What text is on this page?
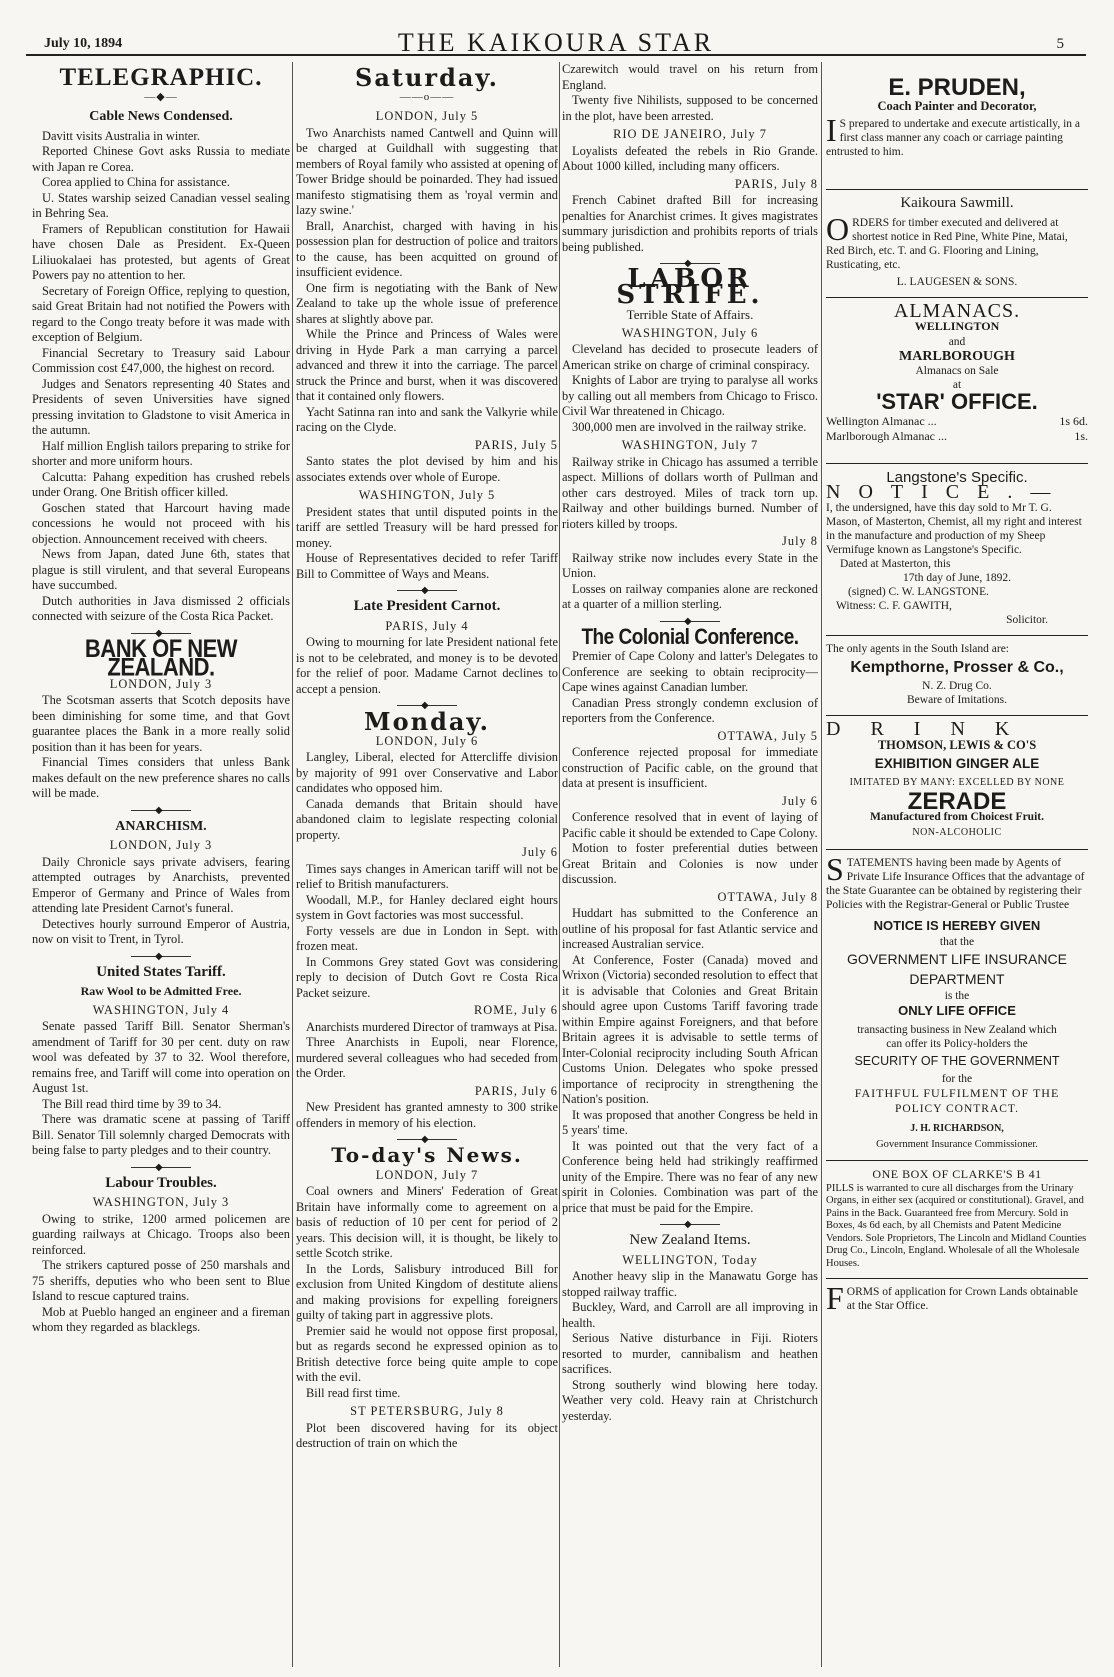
July 10, 1894	THE KAIKOURA STAR	5
TELEGRAPHIC.
—◆—
Cable News Condensed.

Davitt visits Australia in winter.

Reported Chinese Govt asks Russia to mediate with Japan re Corea.

Corea applied to China for assistance.

U. States warship seized Canadian vessel sealing in Behring Sea.

Framers of Republican constitution for Hawaii have chosen Dale as President. Ex-Queen Liliuokalaei has protested, but agents of Great Powers pay no attention to her.

Secretary of Foreign Office, replying to question, said Great Britain had not notified the Powers with regard to the Congo treaty before it was made with exception of Belgium.

Financial Secretary to Treasury said Labour Commission cost £47,000, the highest on record.

Judges and Senators representing 40 States and Presidents of seven Universities have signed pressing invitation to Gladstone to visit America in the autumn.

Half million English tailors preparing to strike for shorter and more uniform hours.

Calcutta: Pahang expedition has crushed rebels under Orang. One British officer killed.

Goschen stated that Harcourt having made concessions he would not proceed with his objection. Announcement received with cheers.

News from Japan, dated June 6th, states that plague is still virulent, and that several Europeans have succumbed.

Dutch authorities in Java dismissed 2 officials connected with seizure of the Costa Rica Packet.

◆
BANK OF NEW ZEALAND.
LONDON, July 3

The Scotsman asserts that Scotch deposits have been diminishing for some time, and that Govt guarantee places the Bank in a more really solid position than it has been for years.

Financial Times considers that unless Bank makes default on the new preference shares no calls will be made.

◆
ANARCHISM.
LONDON, July 3

Daily Chronicle says private advisers, fearing attempted outrages by Anarchists, prevented Emperor of Germany and Prince of Wales from attending late President Carnot's funeral.

Detectives hourly surround Emperor of Austria, now on visit to Trent, in Tyrol.

◆
United States Tariff.
Raw Wool to be Admitted Free.
WASHINGTON, July 4

Senate passed Tariff Bill. Senator Sherman's amendment of Tariff for 30 per cent. duty on raw wool was defeated by 37 to 32. Wool therefore, remains free, and Tariff will come into operation on August 1st.

The Bill read third time by 39 to 34.

There was dramatic scene at passing of Tariff Bill. Senator Till solemnly charged Democrats with being false to party pledges and to their country.

◆
Labour Troubles.
WASHINGTON, July 3

Owing to strike, 1200 armed policemen are guarding railways at Chicago. Troops also been reinforced.

The strikers captured posse of 250 marshals and 75 sheriffs, deputies who who been sent to Blue Island to rescue captured trains.

Mob at Pueblo hanged an engineer and a fireman whom they regarded as blacklegs.

Saturday.
——o——
LONDON, July 5

Two Anarchists named Cantwell and Quinn will be charged at Guildhall with suggesting that members of Royal family who assisted at opening of Tower Bridge should be poinarded. They had issued manifesto stigmatising them as 'royal vermin and lazy swine.'

Brall, Anarchist, charged with having in his possession plan for destruction of police and traitors to the cause, has been acquitted on ground of insufficient evidence.

One firm is negotiating with the Bank of New Zealand to take up the whole issue of preference shares at slightly above par.

While the Prince and Princess of Wales were driving in Hyde Park a man carrying a parcel advanced and threw it into the carriage. The parcel struck the Prince and burst, when it was discovered that it contained only flowers.

Yacht Satinna ran into and sank the Valkyrie while racing on the Clyde.

PARIS, July 5

Santo states the plot devised by him and his associates extends over whole of Europe.

WASHINGTON, July 5

President states that until disputed points in the tariff are settled Treasury will be hard pressed for money.

House of Representatives decided to refer Tariff Bill to Committee of Ways and Means.

◆
Late President Carnot.
PARIS, July 4

Owing to mourning for late President national fete is not to be celebrated, and money is to be devoted for the relief of poor. Madame Carnot declines to accept a pension.

◆
Monday.
LONDON, July 6

Langley, Liberal, elected for Attercliffe division by majority of 991 over Conservative and Labor candidates who opposed him.

Canada demands that Britain should have abandoned claim to legislate respecting colonial property.

July 6

Times says changes in American tariff will not be relief to British manufacturers.

Woodall, M.P., for Hanley declared eight hours system in Govt factories was most successful.

Forty vessels are due in London in Sept. with frozen meat.

In Commons Grey stated Govt was considering reply to decision of Dutch Govt re Costa Rica Packet seizure.

ROME, July 6

Anarchists murdered Director of tramways at Pisa.

Three Anarchists in Eupoli, near Florence, murdered several colleagues who had seceded from the Order.

PARIS, July 6

New President has granted amnesty to 300 strike offenders in memory of his election.

◆
To-day's News.
LONDON, July 7

Coal owners and Miners' Federation of Great Britain have informally come to agreement on a basis of reduction of 10 per cent for period of 2 years. This decision will, it is thought, be likely to settle Scotch strike.

In the Lords, Salisbury introduced Bill for exclusion from United Kingdom of destitute aliens and making provisions for expelling foreigners guilty of taking part in aggressive plots.

Premier said he would not oppose first proposal, but as regards second he expressed opinion as to British detective force being quite ample to cope with the evil.

Bill read first time.

ST PETERSBURG, July 8

Plot been discovered having for its object destruction of train on which the

Czarewitch would travel on his return from England.

Twenty five Nihilists, supposed to be concerned in the plot, have been arrested.

RIO DE JANEIRO, July 7

Loyalists defeated the rebels in Rio Grande. About 1000 killed, including many officers.

PARIS, July 8

French Cabinet drafted Bill for increasing penalties for Anarchist crimes. It gives magistrates summary jurisdiction and prohibits reports of trials being published.

◆
LABOR STRIFE.
Terrible State of Affairs.
WASHINGTON, July 6

Cleveland has decided to prosecute leaders of American strike on charge of criminal conspiracy.

Knights of Labor are trying to paralyse all works by calling out all members from Chicago to Frisco. Civil War threatened in Chicago.

300,000 men are involved in the railway strike.

WASHINGTON, July 7

Railway strike in Chicago has assumed a terrible aspect. Millions of dollars worth of Pullman and other cars destroyed. Miles of track torn up. Railway and other buildings burned. Number of rioters killed by troops.

July 8

Railway strike now includes every State in the Union.

Losses on railway companies alone are reckoned at a quarter of a million sterling.

◆
The Colonial Conference.

Premier of Cape Colony and latter's Delegates to Conference are seeking to obtain reciprocity—Cape wines against Canadian lumber.

Canadian Press strongly condemn exclusion of reporters from the Conference.

OTTAWA, July 5

Conference rejected proposal for immediate construction of Pacific cable, on the ground that data at present is insufficient.

July 6

Conference resolved that in event of laying of Pacific cable it should be extended to Cape Colony.

Motion to foster preferential duties between Great Britain and Colonies is now under discussion.

OTTAWA, July 8

Huddart has submitted to the Conference an outline of his proposal for fast Atlantic service and increased Australian service.

At Conference, Foster (Canada) moved and Wrixon (Victoria) seconded resolution to effect that it is advisable that Colonies and Great Britain should agree upon Customs Tariff favoring trade within Empire against Foreigners, and that before Britain agrees it is advisable to settle terms of Inter-Colonial reciprocity including South African Customs Union. Delegates who spoke pressed importance of reciprocity in strengthening the Nation's position.

It was proposed that another Congress be held in 5 years' time.

It was pointed out that the very fact of a Conference being held had strikingly reaffirmed unity of the Empire. There was no fear of any new spirit in Colonies. Combination was part of the price that must be paid for the Empire.

◆
New Zealand Items.
WELLINGTON, Today

Another heavy slip in the Manawatu Gorge has stopped railway traffic.

Buckley, Ward, and Carroll are all improving in health.

Serious Native disturbance in Fiji. Rioters resorted to murder, cannibalism and heathen sacrifices.

Strong southerly wind blowing here today. Weather very cold. Heavy rain at Christchurch yesterday.

E. PRUDEN,
Coach Painter and Decorator,
IS prepared to undertake and execute artistically, in a first class manner any coach or carriage painting entrusted to him.
Kaikoura Sawmill.
ORDERS for timber executed and delivered at shortest notice in Red Pine, White Pine, Matai, Red Birch, etc. T. and G. Flooring and Lining, Rusticating, etc.
L. LAUGESEN & SONS.
ALMANACS.
WELLINGTON
and
MARLBOROUGH
Almanacs on Sale
at
'STAR' OFFICE.
Wellington Almanac ...	1s 6d.
Marlborough Almanac ...	1s.
Langstone's Specific.
NOTICE.—
I, the undersigned, have this day sold to Mr T. G. Mason, of Masterton, Chemist, all my right and interest in the manufacture and production of my Sheep Vermifuge known as Langstone's Specific.
Dated at Masterton, this
17th day of June, 1892.
(signed) C. W. LANGSTONE.
Witness: C. F. GAWITH,
Solicitor.
The only agents in the South Island are:
Kempthorne, Prosser & Co.,
N. Z. Drug Co.
Beware of Imitations.
DRINK
THOMSON, LEWIS & CO'S
EXHIBITION GINGER ALE
IMITATED BY MANY: EXCELLED BY NONE
ZERADE
Manufactured from Choicest Fruit.
NON-ALCOHOLIC
STATEMENTS having been made by Agents of Private Life Insurance Offices that the advantage of the State Guarantee can be obtained by registering their Policies with the Registrar-General or Public Trustee
NOTICE IS HEREBY GIVEN
that the
GOVERNMENT LIFE INSURANCE DEPARTMENT
is the
ONLY LIFE OFFICE
transacting business in New Zealand which
can offer its Policy-holders the
SECURITY OF THE GOVERNMENT
for the
FAITHFUL FULFILMENT OF THE
POLICY CONTRACT.
J. H. RICHARDSON,
Government Insurance Commissioner.
ONE BOX OF CLARKE'S B 41
PILLS is warranted to cure all discharges from the Urinary Organs, in either sex (acquired or constitutional). Gravel, and Pains in the Back. Guaranteed free from Mercury. Sold in Boxes, 4s 6d each, by all Chemists and Patent Medicine Vendors. Sole Proprietors, The Lincoln and Midland Counties Drug Co., Lincoln, England. Wholesale of all the Wholesale Houses.
FORMS of application for Crown Lands obtainable at the Star Office.
